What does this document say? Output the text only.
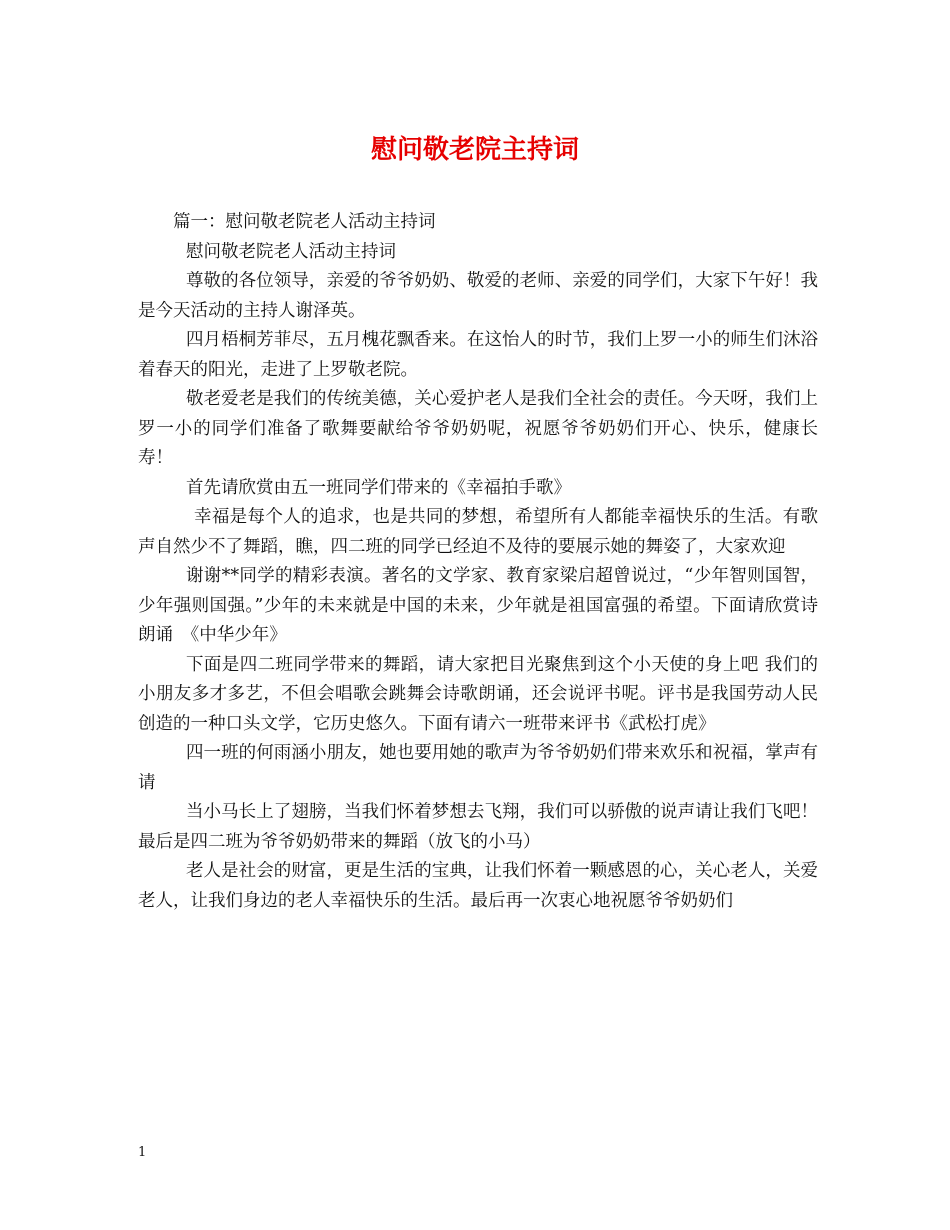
慰问敬老院主持词

篇一：慰问敬老院老人活动主持词

慰问敬老院老人活动主持词

尊敬的各位领导，亲爱的爷爷奶奶、敬爱的老师、亲爱的同学们，大家下午好！我是今天活动的主持人谢泽英。

四月梧桐芳菲尽，五月槐花飘香来。在这怡人的时节，我们上罗一小的师生们沐浴着春天的阳光，走进了上罗敬老院。

敬老爱老是我们的传统美德，关心爱护老人是我们全社会的责任。今天呀，我们上罗一小的同学们准备了歌舞要献给爷爷奶奶呢，祝愿爷爷奶奶们开心、快乐，健康长寿！

首先请欣赏由五一班同学们带来的《幸福拍手歌》

幸福是每个人的追求，也是共同的梦想，希望所有人都能幸福快乐的生活。有歌声自然少不了舞蹈，瞧，四二班的同学已经迫不及待的要展示她的舞姿了，大家欢迎

谢谢**同学的精彩表演。著名的文学家、教育家梁启超曾说过，“少年智则国智，少年强则国强。”少年的未来就是中国的未来，少年就是祖国富强的希望。下面请欣赏诗朗诵　《中华少年》

下面是四二班同学带来的舞蹈，请大家把目光聚焦到这个小天使的身上吧 我们的小朋友多才多艺，不但会唱歌会跳舞会诗歌朗诵，还会说评书呢。评书是我国劳动人民创造的一种口头文学，它历史悠久。下面有请六一班带来评书《武松打虎》

四一班的何雨涵小朋友，她也要用她的歌声为爷爷奶奶们带来欢乐和祝福，掌声有请

当小马长上了翅膀，当我们怀着梦想去飞翔，我们可以骄傲的说声请让我们飞吧！最后是四二班为爷爷奶奶带来的舞蹈（放飞的小马）

老人是社会的财富，更是生活的宝典，让我们怀着一颗感恩的心，关心老人，关爱老人，让我们身边的老人幸福快乐的生活。最后再一次衷心地祝愿爷爷奶奶们

1
